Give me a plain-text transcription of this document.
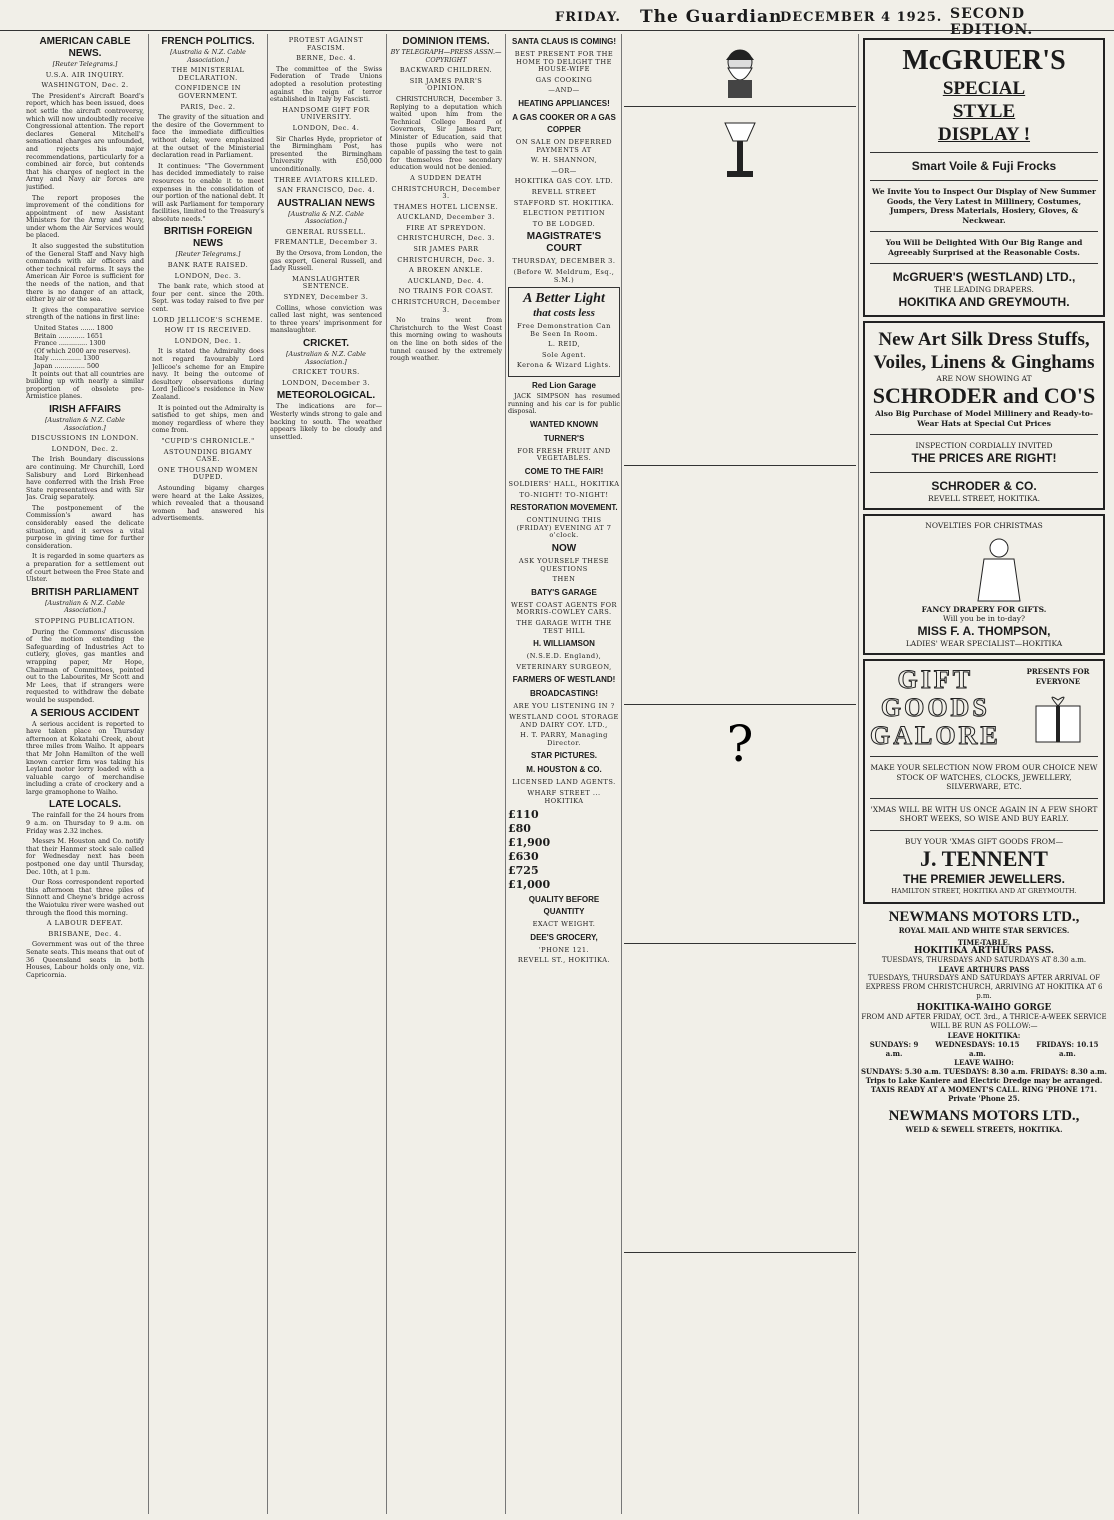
FRIDAY. The Guardian
DECEMBER 4 1925. SECOND EDITION.
AMERICAN CABLE NEWS.
[Reuter Telegrams.]
U.S.A. AIR INQUIRY.
WASHINGTON, Dec. 2.

The President's Aircraft Board's report, which has been issued, does not settle the aircraft controversy, which will now undoubtedly receive Congressional attention. The report declares General Mitchell's sensational charges are unfounded, and rejects his major recommendations, particularly for a combined air force, but contends that his charges of neglect in the Army and Navy air forces are justified.

The report proposes the improvement of the conditions for appointment of new Assistant Ministers for the Army and Navy, under whom the Air Services would be placed.

It also suggested the substitution of the General Staff and Navy high commands with air officers and other technical reforms. It says the American Air Force is sufficient for the needs of the nation, and that there is no danger of an attack, either by air or the sea.

It gives the comparative service strength of the nations in first line:

United States ....... 1800
Britain ............. 1651
France .............. 1300
(Of which 2000 are reserves).
Italy ............... 1300
Japan ............... 500

It points out that all countries are building up with nearly a similar proportion of obsolete pre-Armistice planes.

IRISH AFFAIRS
[Australian & N.Z. Cable Association.]
DISCUSSIONS IN LONDON.
LONDON, Dec. 2.

The Irish Boundary discussions are continuing. Mr Churchill, Lord Salisbury and Lord Birkenhead have conferred with the Irish Free State representatives and with Sir Jas. Craig separately.

The postponement of the Commission's award has considerably eased the delicate situation, and it serves a vital purpose in giving time for further consideration.

It is regarded in some quarters as a preparation for a settlement out of court between the Free State and Ulster.

BRITISH PARLIAMENT
[Australian & N.Z. Cable Association.]
STOPPING PUBLICATION.

During the Commons' discussion of the motion extending the Safeguarding of Industries Act to cutlery, gloves, gas mantles and wrapping paper, Mr Hope, Chairman of Committees, pointed out to the Labourites, Mr Scott and Mr Lees, that if strangers were requested to withdraw the debate would be suspended.

A SERIOUS ACCIDENT

A serious accident is reported to have taken place on Thursday afternoon at Kokatahi Creek, about three miles from Waiho. It appears that Mr John Hamilton of the well known carrier firm was taking his Leyland motor lorry loaded with a valuable cargo of merchandise including a crate of crockery and a large gramophone to Waiho.

LATE LOCALS.

The rainfall for the 24 hours from 9 a.m. on Thursday to 9 a.m. on Friday was 2.32 inches.

Messrs M. Houston and Co. notify that their Hanmer stock sale called for Wednesday next has been postponed one day until Thursday, Dec. 10th, at 1 p.m.

Our Ross correspondent reported this afternoon that three piles of Sinnott and Cheyne's bridge across the Waiotuku river were washed out through the flood this morning.

A LABOUR DEFEAT.
BRISBANE, Dec. 4.

Government was out of the three Senate seats. This means that out of 36 Queensland seats in both Houses, Labour holds only one, viz. Capricornia.

FRENCH POLITICS.
[Australia & N.Z. Cable Association.]
THE MINISTERIAL DECLARATION.
CONFIDENCE IN GOVERNMENT.
PARIS, Dec. 2.

The gravity of the situation and the desire of the Government to face the immediate difficulties without delay, were emphasized at the outset of the Ministerial declaration read in Parliament.

It continues: "The Government has decided immediately to raise resources to enable it to meet expenses in the consolidation of our portion of the national debt. It will ask Parliament for temporary facilities, limited to the Treasury's absolute needs."

BRITISH FOREIGN NEWS
[Reuter Telegrams.]
BANK RATE RAISED.
LONDON, Dec. 3.

The bank rate, which stood at four per cent. since the 20th. Sept. was today raised to five per cent.

LORD JELLICOE'S SCHEME.
HOW IT IS RECEIVED.
LONDON, Dec. 1.

It is stated the Admiralty does not regard favourably Lord Jellicoe's scheme for an Empire navy. It being the outcome of desultory observations during Lord Jellicoe's residence in New Zealand.

It is pointed out the Admiralty is satisfied to get ships, men and money regardless of where they come from.

"CUPID'S CHRONICLE."
ASTOUNDING BIGAMY CASE.
ONE THOUSAND WOMEN DUPED.

Astounding bigamy charges were heard at the Lake Assizes, which revealed that a thousand women had answered his advertisements.

PROTEST AGAINST FASCISM.
BERNE, Dec. 4.

The committee of the Swiss Federation of Trade Unions adopted a resolution protesting against the reign of terror established in Italy by Fascisti.

HANDSOME GIFT FOR UNIVERSITY.
LONDON, Dec. 4.

Sir Charles Hyde, proprietor of the Birmingham Post, has presented the Birmingham University with £50,000 unconditionally.

THREE AVIATORS KILLED.
SAN FRANCISCO, Dec. 4.
AUSTRALIAN NEWS
[Australia & N.Z. Cable Association.]
GENERAL RUSSELL.
FREMANTLE, December 3.

By the Orsova, from London, the gas expert, General Russell, and Lady Russell.

MANSLAUGHTER SENTENCE.
SYDNEY, December 3.

Collins, whose conviction was called last night, was sentenced to three years' imprisonment for manslaughter.

CRICKET.
[Australian & N.Z. Cable Association.]
CRICKET TOURS.
LONDON, December 3.
METEOROLOGICAL.

The indications are for—Westerly winds strong to gale and backing to south. The weather appears likely to be cloudy and unsettled.

DOMINION ITEMS.
BY TELEGRAPH—PRESS ASSN.—COPYRIGHT
BACKWARD CHILDREN.
SIR JAMES PARR'S OPINION.

CHRISTCHURCH, December 3. Replying to a deputation which waited upon him from the Technical College Board of Governors, Sir James Parr, Minister of Education, said that those pupils who were not capable of passing the test to gain for themselves free secondary education would not be denied.

A SUDDEN DEATH
CHRISTCHURCH, December 3.
THAMES HOTEL LICENSE.
AUCKLAND, December 3.
FIRE AT SPREYDON.
CHRISTCHURCH, Dec. 3.
SIR JAMES PARR
CHRISTCHURCH, Dec. 3.
A BROKEN ANKLE.
AUCKLAND, Dec. 4.
NO TRAINS FOR COAST.
CHRISTCHURCH, December 3.

No trains went from Christchurch to the West Coast this morning owing to washouts on the line on both sides of the tunnel caused by the extremely rough weather.

SANTA CLAUS IS COMING!
BEST PRESENT FOR THE HOME TO DELIGHT THE HOUSE-WIFE
GAS COOKING
—AND—
HEATING APPLIANCES!
A GAS COOKER OR A GAS COPPER
ON SALE ON DEFERRED PAYMENTS AT
W. H. SHANNON,
—OR—
HOKITIKA GAS COY. LTD.
REVELL STREET
STAFFORD ST. HOKITIKA.
ELECTION PETITION
TO BE LODGED.
MAGISTRATE'S COURT
THURSDAY, DECEMBER 3.
(Before W. Meldrum, Esq., S.M.)
A Better Light
that costs less
Free Demonstration Can Be Seen In Room.
L. REID,
Sole Agent.
Kerona & Wizard Lights.
Red Lion Garage

JACK SIMPSON has resumed running and his car is for public disposal.

WANTED KNOWN
TURNER'S
FOR FRESH FRUIT AND VEGETABLES.
COME TO THE FAIR!
SOLDIERS' HALL, HOKITIKA
TO-NIGHT! TO-NIGHT!
RESTORATION MOVEMENT.
CONTINUING THIS (FRIDAY) EVENING AT 7 o'clock.
NOW
ASK YOURSELF THESE QUESTIONS
THEN
BATY'S GARAGE
WEST COAST AGENTS FOR MORRIS-COWLEY CARS.
THE GARAGE WITH THE TEST HILL
H. WILLIAMSON
(N.S.E.D. England),
VETERINARY SURGEON,
FARMERS OF WESTLAND!
BROADCASTING!
ARE YOU LISTENING IN ?
WESTLAND COOL STORAGE AND DAIRY COY. LTD.,
H. T. PARRY, Managing Director.
STAR PICTURES.
M. HOUSTON & CO.
LICENSED LAND AGENTS.
WHARF STREET ... HOKITIKA
£110
£80
£1,900
£630
£725
£1,000
QUALITY BEFORE QUANTITY
EXACT WEIGHT.
DEE'S GROCERY,
'PHONE 121.
REVELL ST., HOKITIKA.
?
McGRUER'S
SPECIAL
STYLE
DISPLAY !
Smart Voile & Fuji Frocks
We Invite You to Inspect Our Display of New Summer Goods, the Very Latest in Millinery, Costumes, Jumpers, Dress Materials, Hosiery, Gloves, & Neckwear.
You Will be Delighted With Our Big Range and Agreeably Surprised at the Reasonable Costs.
McGRUER'S (WESTLAND) LTD.,
THE LEADING DRAPERS.
HOKITIKA AND GREYMOUTH.
New Art Silk Dress Stuffs, Voiles, Linens & Ginghams
ARE NOW SHOWING AT
SCHRODER and CO'S
Also Big Purchase of Model Millinery and Ready-to-Wear Hats at Special Cut Prices
INSPECTION CORDIALLY INVITED
THE PRICES ARE RIGHT!
SCHRODER & CO.
REVELL STREET, HOKITIKA.
NOVELTIES FOR CHRISTMAS
FANCY DRAPERY FOR GIFTS.
Will you be in to-day?
MISS F. A. THOMPSON,
LADIES' WEAR SPECIALIST—HOKITIKA
GIFT
GOODS
GALORE
PRESENTS FOR EVERYONE
MAKE YOUR SELECTION NOW FROM OUR CHOICE NEW STOCK OF WATCHES, CLOCKS, JEWELLERY, SILVERWARE, ETC.
'XMAS WILL BE WITH US ONCE AGAIN IN A FEW SHORT SHORT WEEKS, SO WISE AND BUY EARLY.
BUY YOUR 'XMAS GIFT GOODS FROM—
J. TENNENT
THE PREMIER JEWELLERS.
HAMILTON STREET, HOKITIKA AND AT GREYMOUTH.
NEWMANS MOTORS LTD.,
ROYAL MAIL AND WHITE STAR SERVICES.
TIME-TABLE.
HOKITIKA ARTHURS PASS.
TUESDAYS, THURSDAYS AND SATURDAYS AT 8.30 a.m.
LEAVE ARTHURS PASS
TUESDAYS, THURSDAYS AND SATURDAYS AFTER ARRIVAL OF EXPRESS FROM CHRISTCHURCH, ARRIVING AT HOKITIKA AT 6 p.m.
HOKITIKA-WAIHO GORGE
FROM AND AFTER FRIDAY, OCT. 3rd., A THRICE-A-WEEK SERVICE WILL BE RUN AS FOLLOW:—
LEAVE HOKITIKA:
SUNDAYS: 9 a.m.
WEDNESDAYS: 10.15 a.m.
FRIDAYS: 10.15 a.m.
LEAVE WAIHO:
SUNDAYS: 5.30 a.m. TUESDAYS: 8.30 a.m. FRIDAYS: 8.30 a.m.
Trips to Lake Kaniere and Electric Dredge may be arranged. TAXIS READY AT A MOMENT'S CALL. RING 'PHONE 171. Private 'Phone 25.
NEWMANS MOTORS LTD.,
WELD & SEWELL STREETS, HOKITIKA.
